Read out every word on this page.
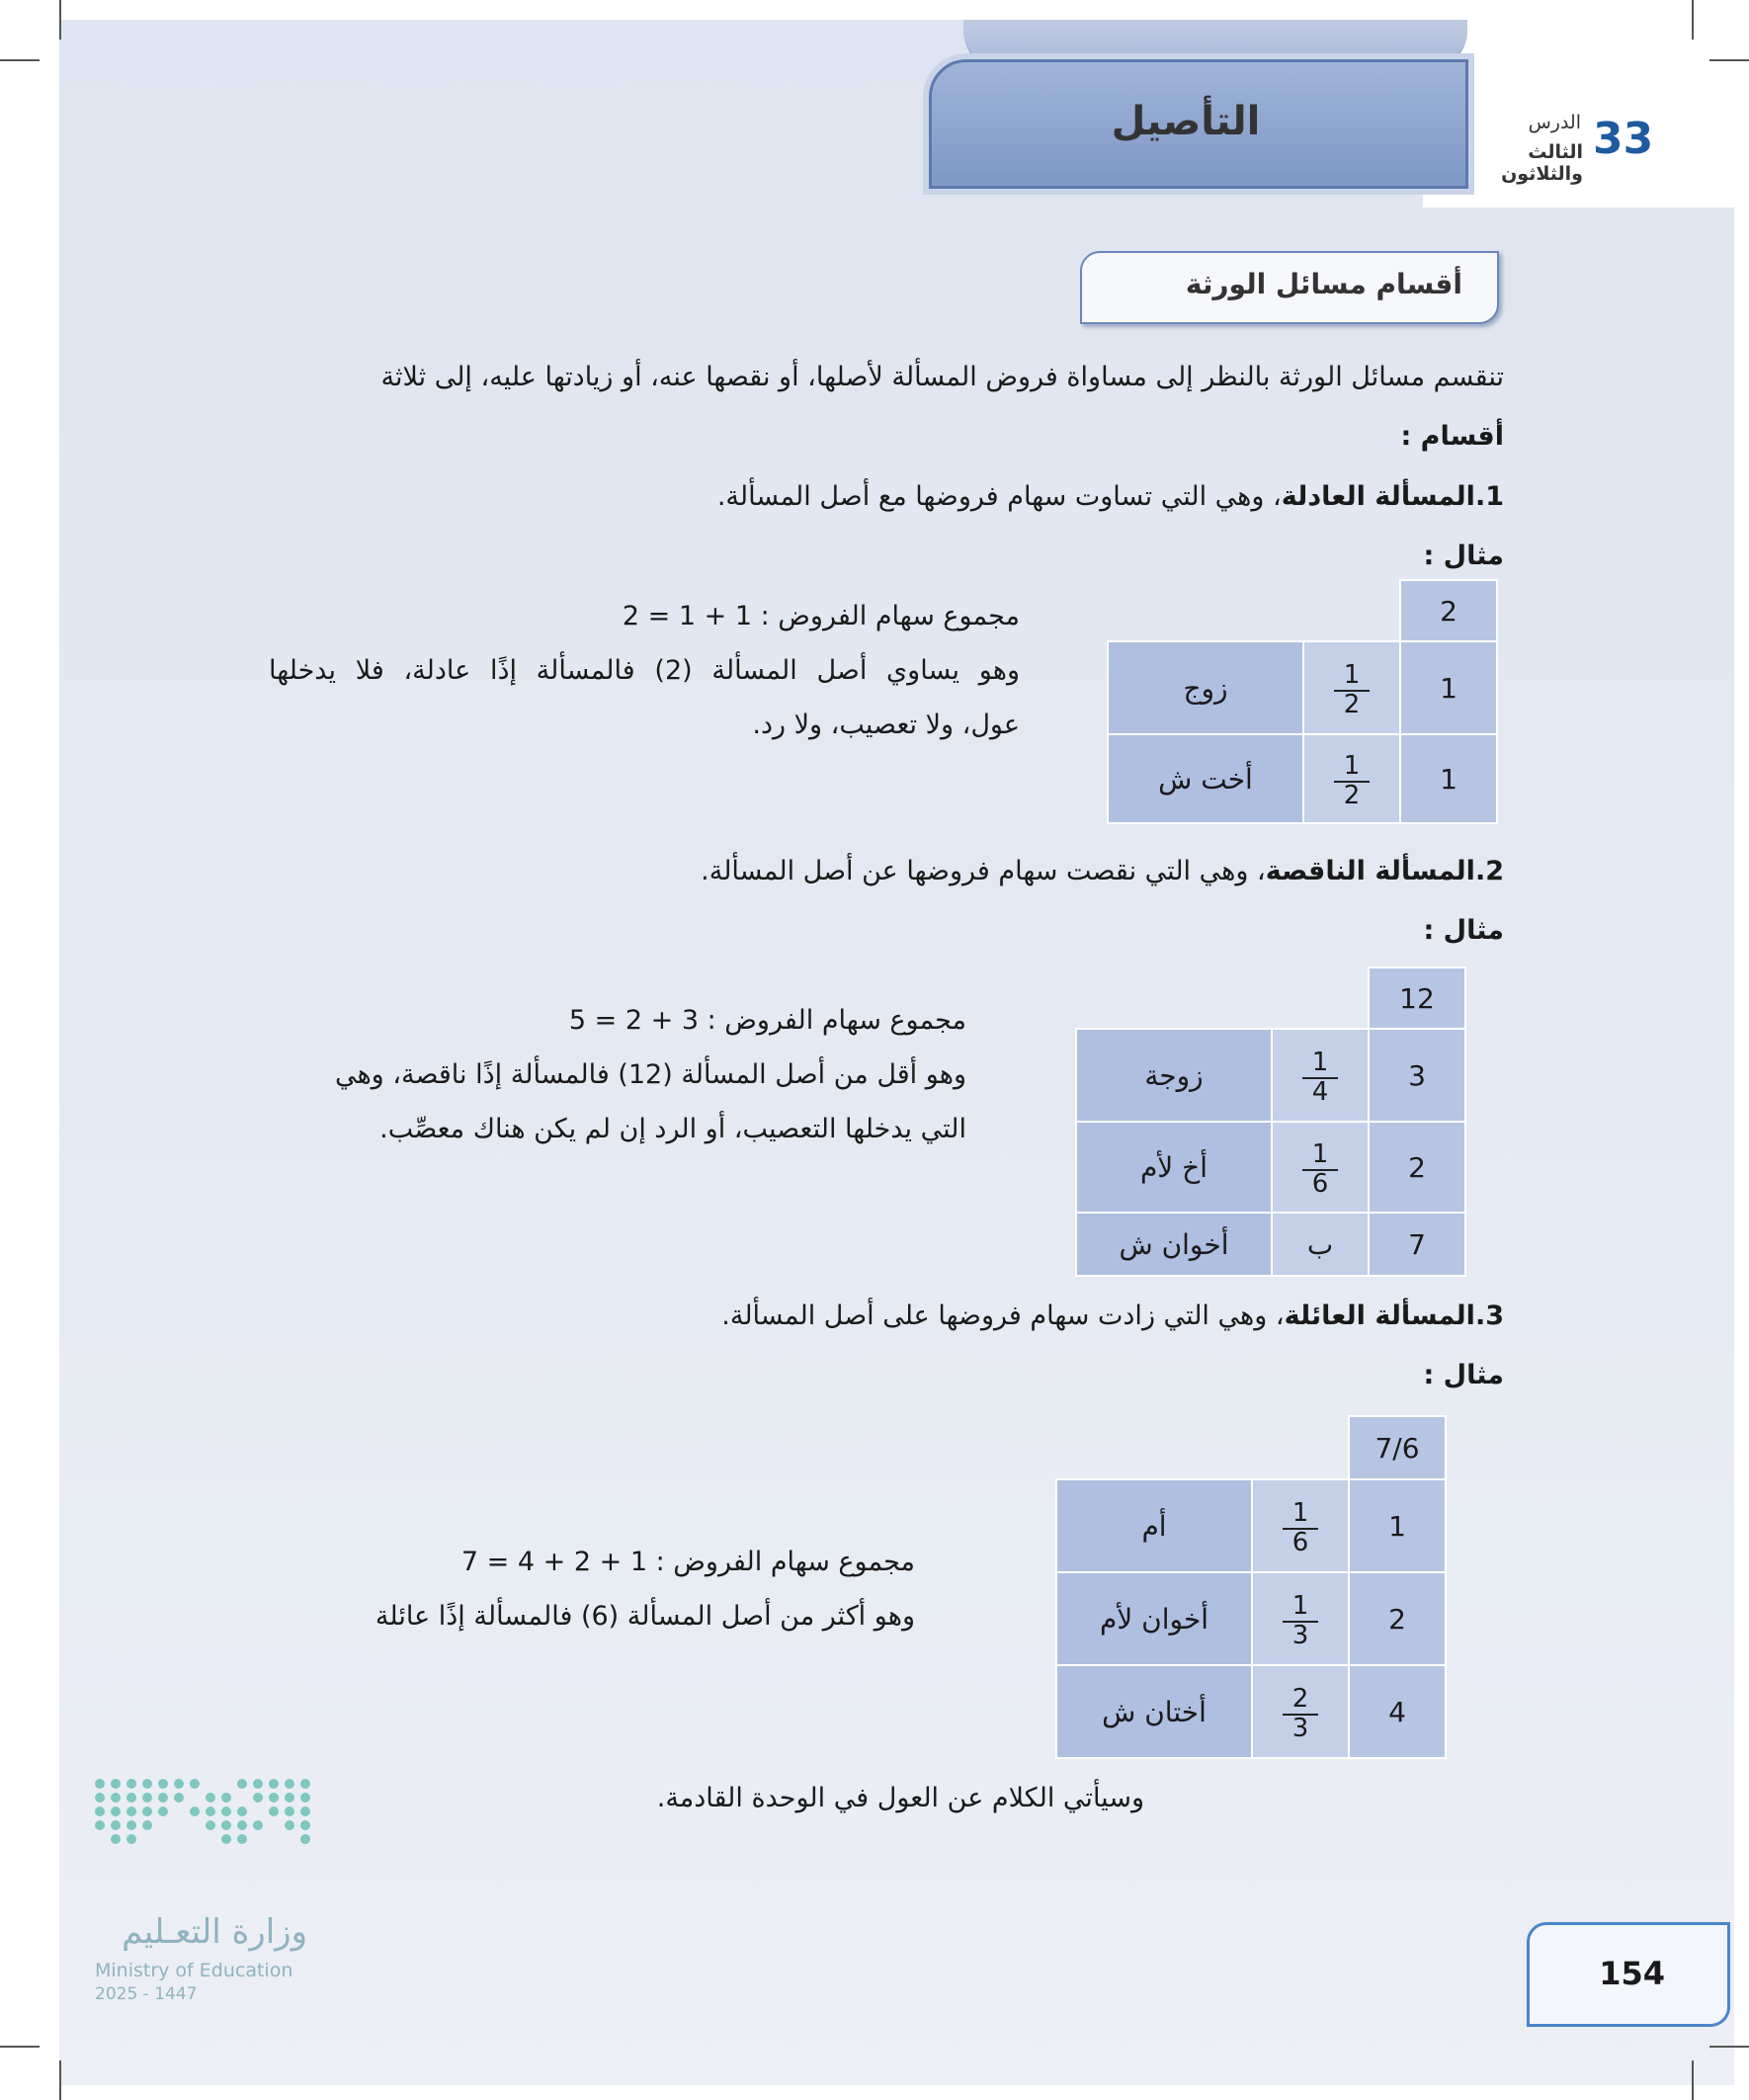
التأصيل	33
الدرس
الثالث والثلاثون
أقسام مسائل الورثة
تنقسم مسائل الورثة بالنظر إلى مساواة فروض المسألة لأصلها، أو نقصها عنه، أو زيادتها عليه، إلى ثلاثة
أقسام :
1.المسألة العادلة، وهي التي تساوت سهام فروضها مع أصل المسألة.
مثال :
2		
1	$\frac{1}{2}$	زوج
1	$\frac{1}{2}$	أخت ش
مجموع سهام الفروض : 1 + 1 = 2
وهو يساوي أصل المسألة (2) فالمسألة إذًا عادلة، فلا يدخلها
عول، ولا تعصيب، ولا رد.
2.المسألة الناقصة، وهي التي نقصت سهام فروضها عن أصل المسألة.
مثال :
12		
3	$\frac{1}{4}$	زوجة
2	$\frac{1}{6}$	أخ لأم
7	ب	أخوان ش
مجموع سهام الفروض : 3 + 2 = 5
وهو أقل من أصل المسألة (12) فالمسألة إذًا ناقصة، وهي
التي يدخلها التعصيب، أو الرد إن لم يكن هناك معصِّب.
3.المسألة العائلة، وهي التي زادت سهام فروضها على أصل المسألة.
مثال :
7/6		
1	$\frac{1}{6}$	أم
2	$\frac{1}{3}$	أخوان لأم
4	$\frac{2}{3}$	أختان ش
مجموع سهام الفروض : 1 + 2 + 4 = 7
وهو أكثر من أصل المسألة (6) فالمسألة إذًا عائلة
وسيأتي الكلام عن العول في الوحدة القادمة.
وزارة التعـليم
Ministry of Education
2025 - 1447
154
